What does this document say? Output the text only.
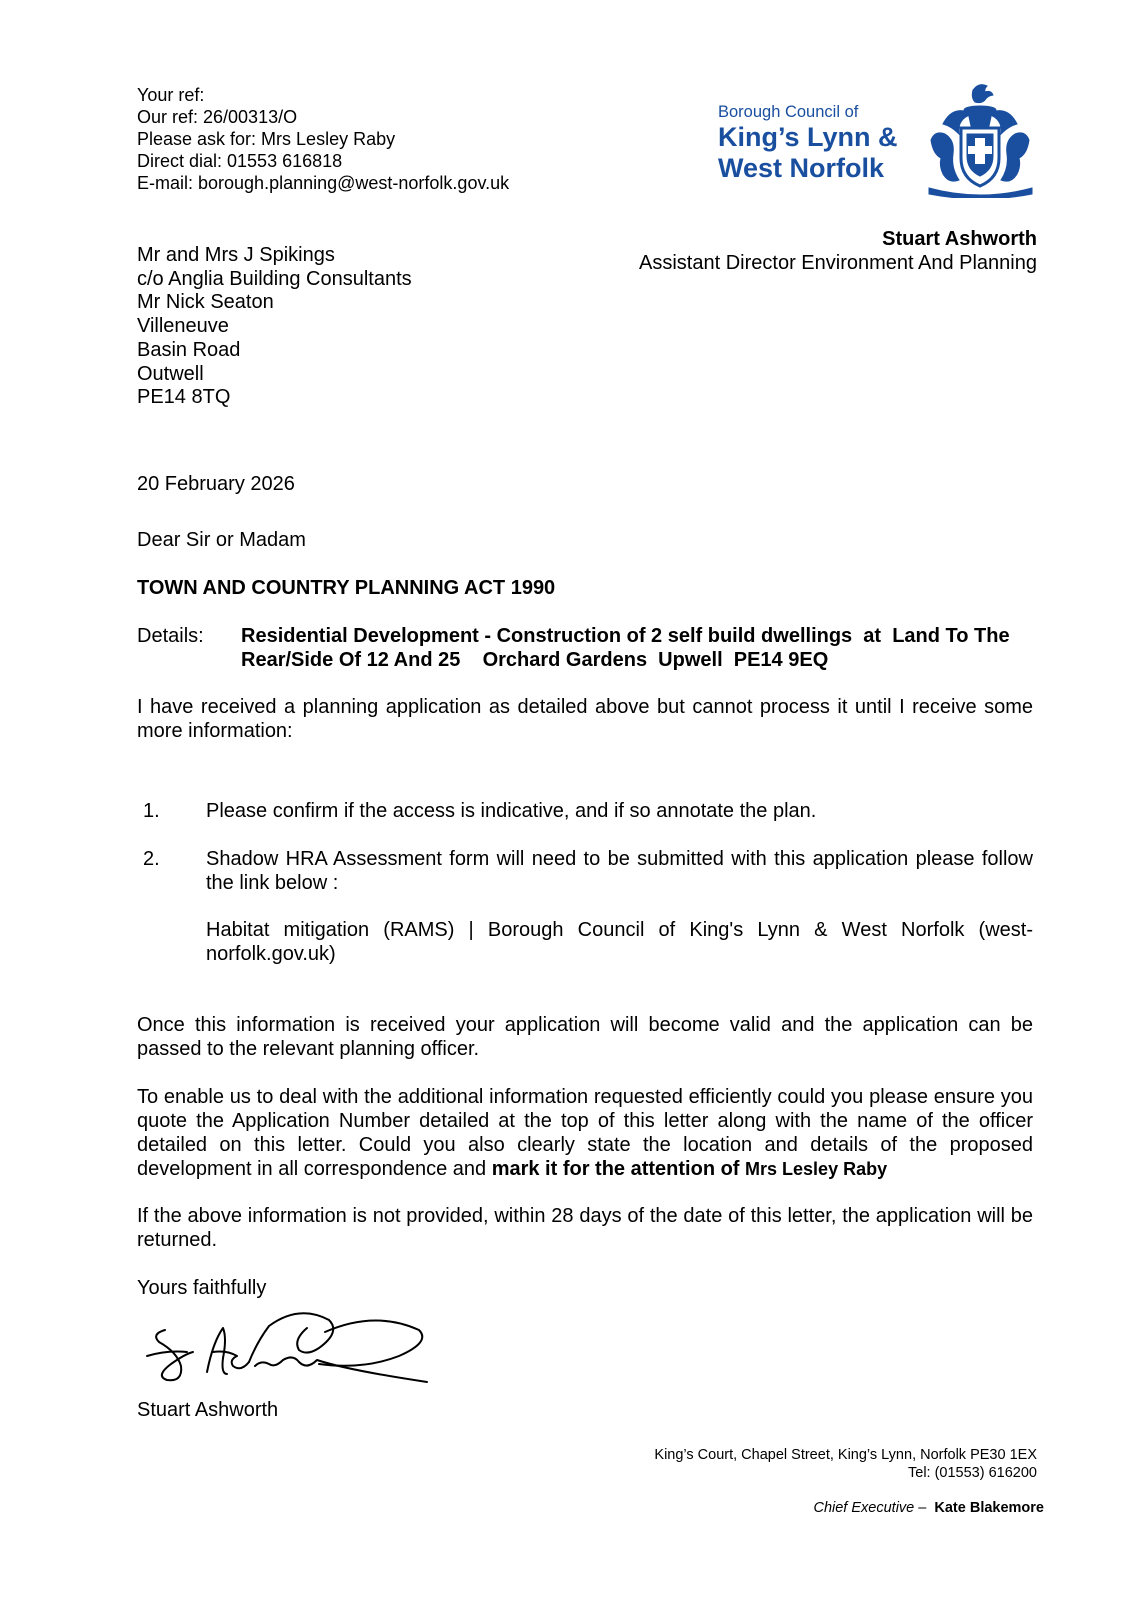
Your ref:
Our ref: 26/00313/O
Please ask for: Mrs Lesley Raby
Direct dial: 01553 616818
E-mail: borough.planning@west-norfolk.gov.uk
Borough Council of
King’s Lynn &
West Norfolk
Stuart Ashworth
Assistant Director Environment And Planning
Mr and Mrs J Spikings
c/o Anglia Building Consultants
Mr Nick Seaton
Villeneuve
Basin Road
Outwell
PE14 8TQ
20 February 2026
Dear Sir or Madam
TOWN AND COUNTRY PLANNING ACT 1990
Details: Residential Development - Construction of 2 self build dwellings  at  Land To The Rear/Side Of 12 And 25    Orchard Gardens  Upwell  PE14 9EQ
I have received a planning application as detailed above but cannot process it until I receive some more information:
1. Please confirm if the access is indicative, and if so annotate the plan.
2. Shadow HRA Assessment form will need to be submitted with this application please follow the link below :
Habitat mitigation (RAMS) | Borough Council of King's Lynn & West Norfolk (west-norfolk.gov.uk)
Once this information is received your application will become valid and the application can be passed to the relevant planning officer.
To enable us to deal with the additional information requested efficiently could you please ensure you quote the Application Number detailed at the top of this letter along with the name of the officer detailed on this letter. Could you also clearly state the location and details of the proposed development in all correspondence and mark it for the attention of Mrs Lesley Raby
If the above information is not provided, within 28 days of the date of this letter, the application will be returned.
Yours faithfully
Stuart Ashworth
King’s Court, Chapel Street, King’s Lynn, Norfolk PE30 1EX
Tel: (01553) 616200
Chief Executive –  Kate Blakemore
